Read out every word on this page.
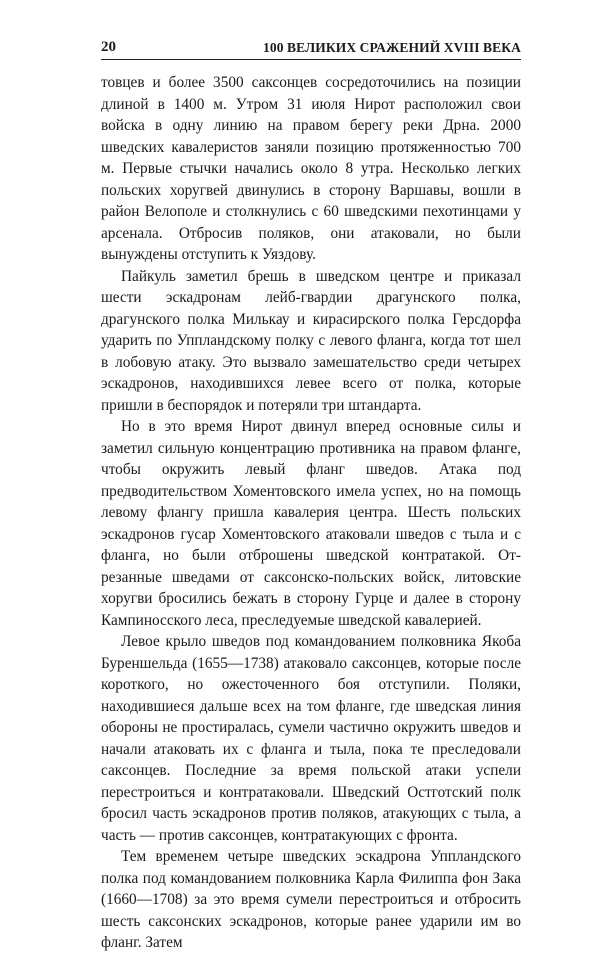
20	100 ВЕЛИКИХ СРАЖЕНИЙ XVIII ВЕКА

товцев и более 3500 саксонцев сосредоточились на позиции длиной в 1400 м. Утром 31 июля Нирот расположил свои войска в одну линию на правом берегу реки Дрна. 2000 шведских кавалеристов заняли позицию протяженностью 700 м. Первые стычки начались около 8 утра. Несколько легких польских хоругвей двинулись в сторону Варшавы, вошли в район Велополе и столкнулись с 60 шведскими пехотинцами у арсенала. Отбросив поляков, они атаковали, но были вынуждены отступить к Уяздову.

Пайкуль заметил брешь в шведском центре и приказал шести эскадронам лейб-гвардии драгунского полка, драгунского полка Милькау и кирасирского полка Герсдорфа ударить по Уппландскому полку с левого фланга, когда тот шел в лобовую атаку. Это вызвало замешательство среди четырех эскадронов, находившихся левее всего от полка, которые пришли в беспорядок и потеряли три штандарта.

Но в это время Нирот двинул вперед основные силы и заметил сильную концентрацию противника на правом фланге, чтобы окружить левый фланг шведов. Атака под предводительством Хоментовского имела успех, но на помощь левому флангу пришла кавалерия центра. Шесть польских эскадронов гусар Хоментовского атаковали шведов с тыла и с фланга, но были отброшены шведской контратакой. Отрезанные шведами от саксонско-польских войск, литовские хоругви бросились бежать в сторону Гурце и далее в сторону Кампиносского леса, преследуемые шведской кавалерией.

Левое крыло шведов под командованием полковника Якоба Буреншельда (1655—1738) атаковало саксонцев, которые после короткого, но ожесточенного боя отступили. Поляки, находившиеся дальше всех на том фланге, где шведская линия обороны не простиралась, сумели частично окружить шведов и начали атаковать их с фланга и тыла, пока те преследовали саксонцев. Последние за время польской атаки успели перестроиться и контратаковали. Шведский Остготский полк бросил часть эскадронов против поляков, атакующих с тыла, а часть — против саксонцев, контратакующих с фронта.

Тем временем четыре шведских эскадрона Уппландского полка под командованием полковника Карла Филиппа фон Зака (1660—1708) за это время сумели перестроиться и отбросить шесть саксонских эскадронов, которые ранее ударили им во фланг. Затем
